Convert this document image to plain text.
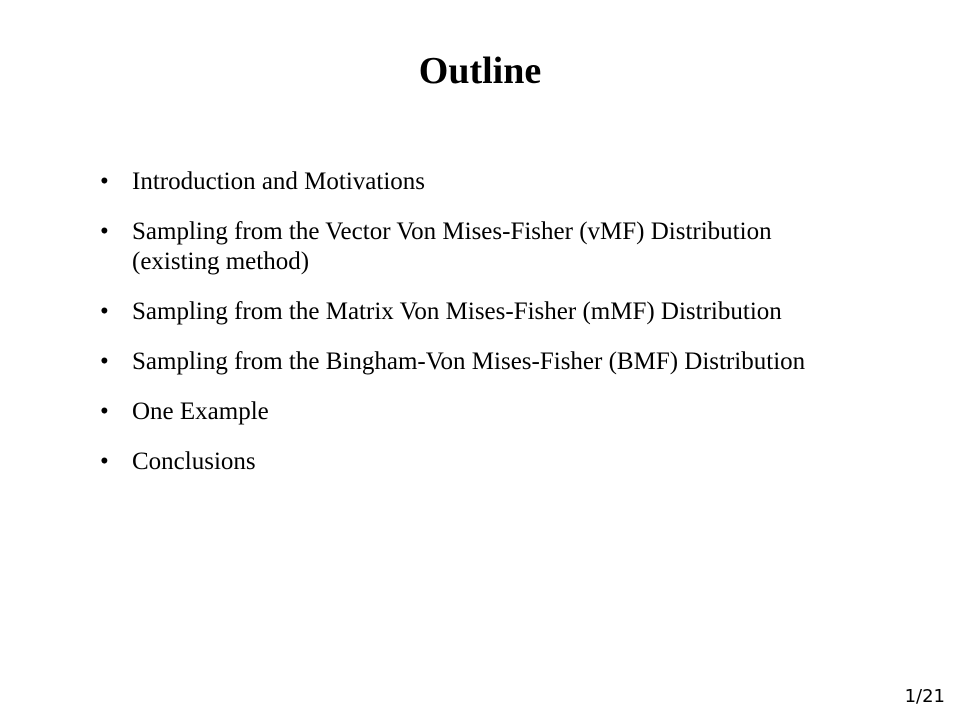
Outline
• Introduction and Motivations
• Sampling from the Vector Von Mises-Fisher (vMF) Distribution (existing method)
• Sampling from the Matrix Von Mises-Fisher (mMF) Distribution
• Sampling from the Bingham-Von Mises-Fisher (BMF) Distribution
• One Example
• Conclusions
1/21
